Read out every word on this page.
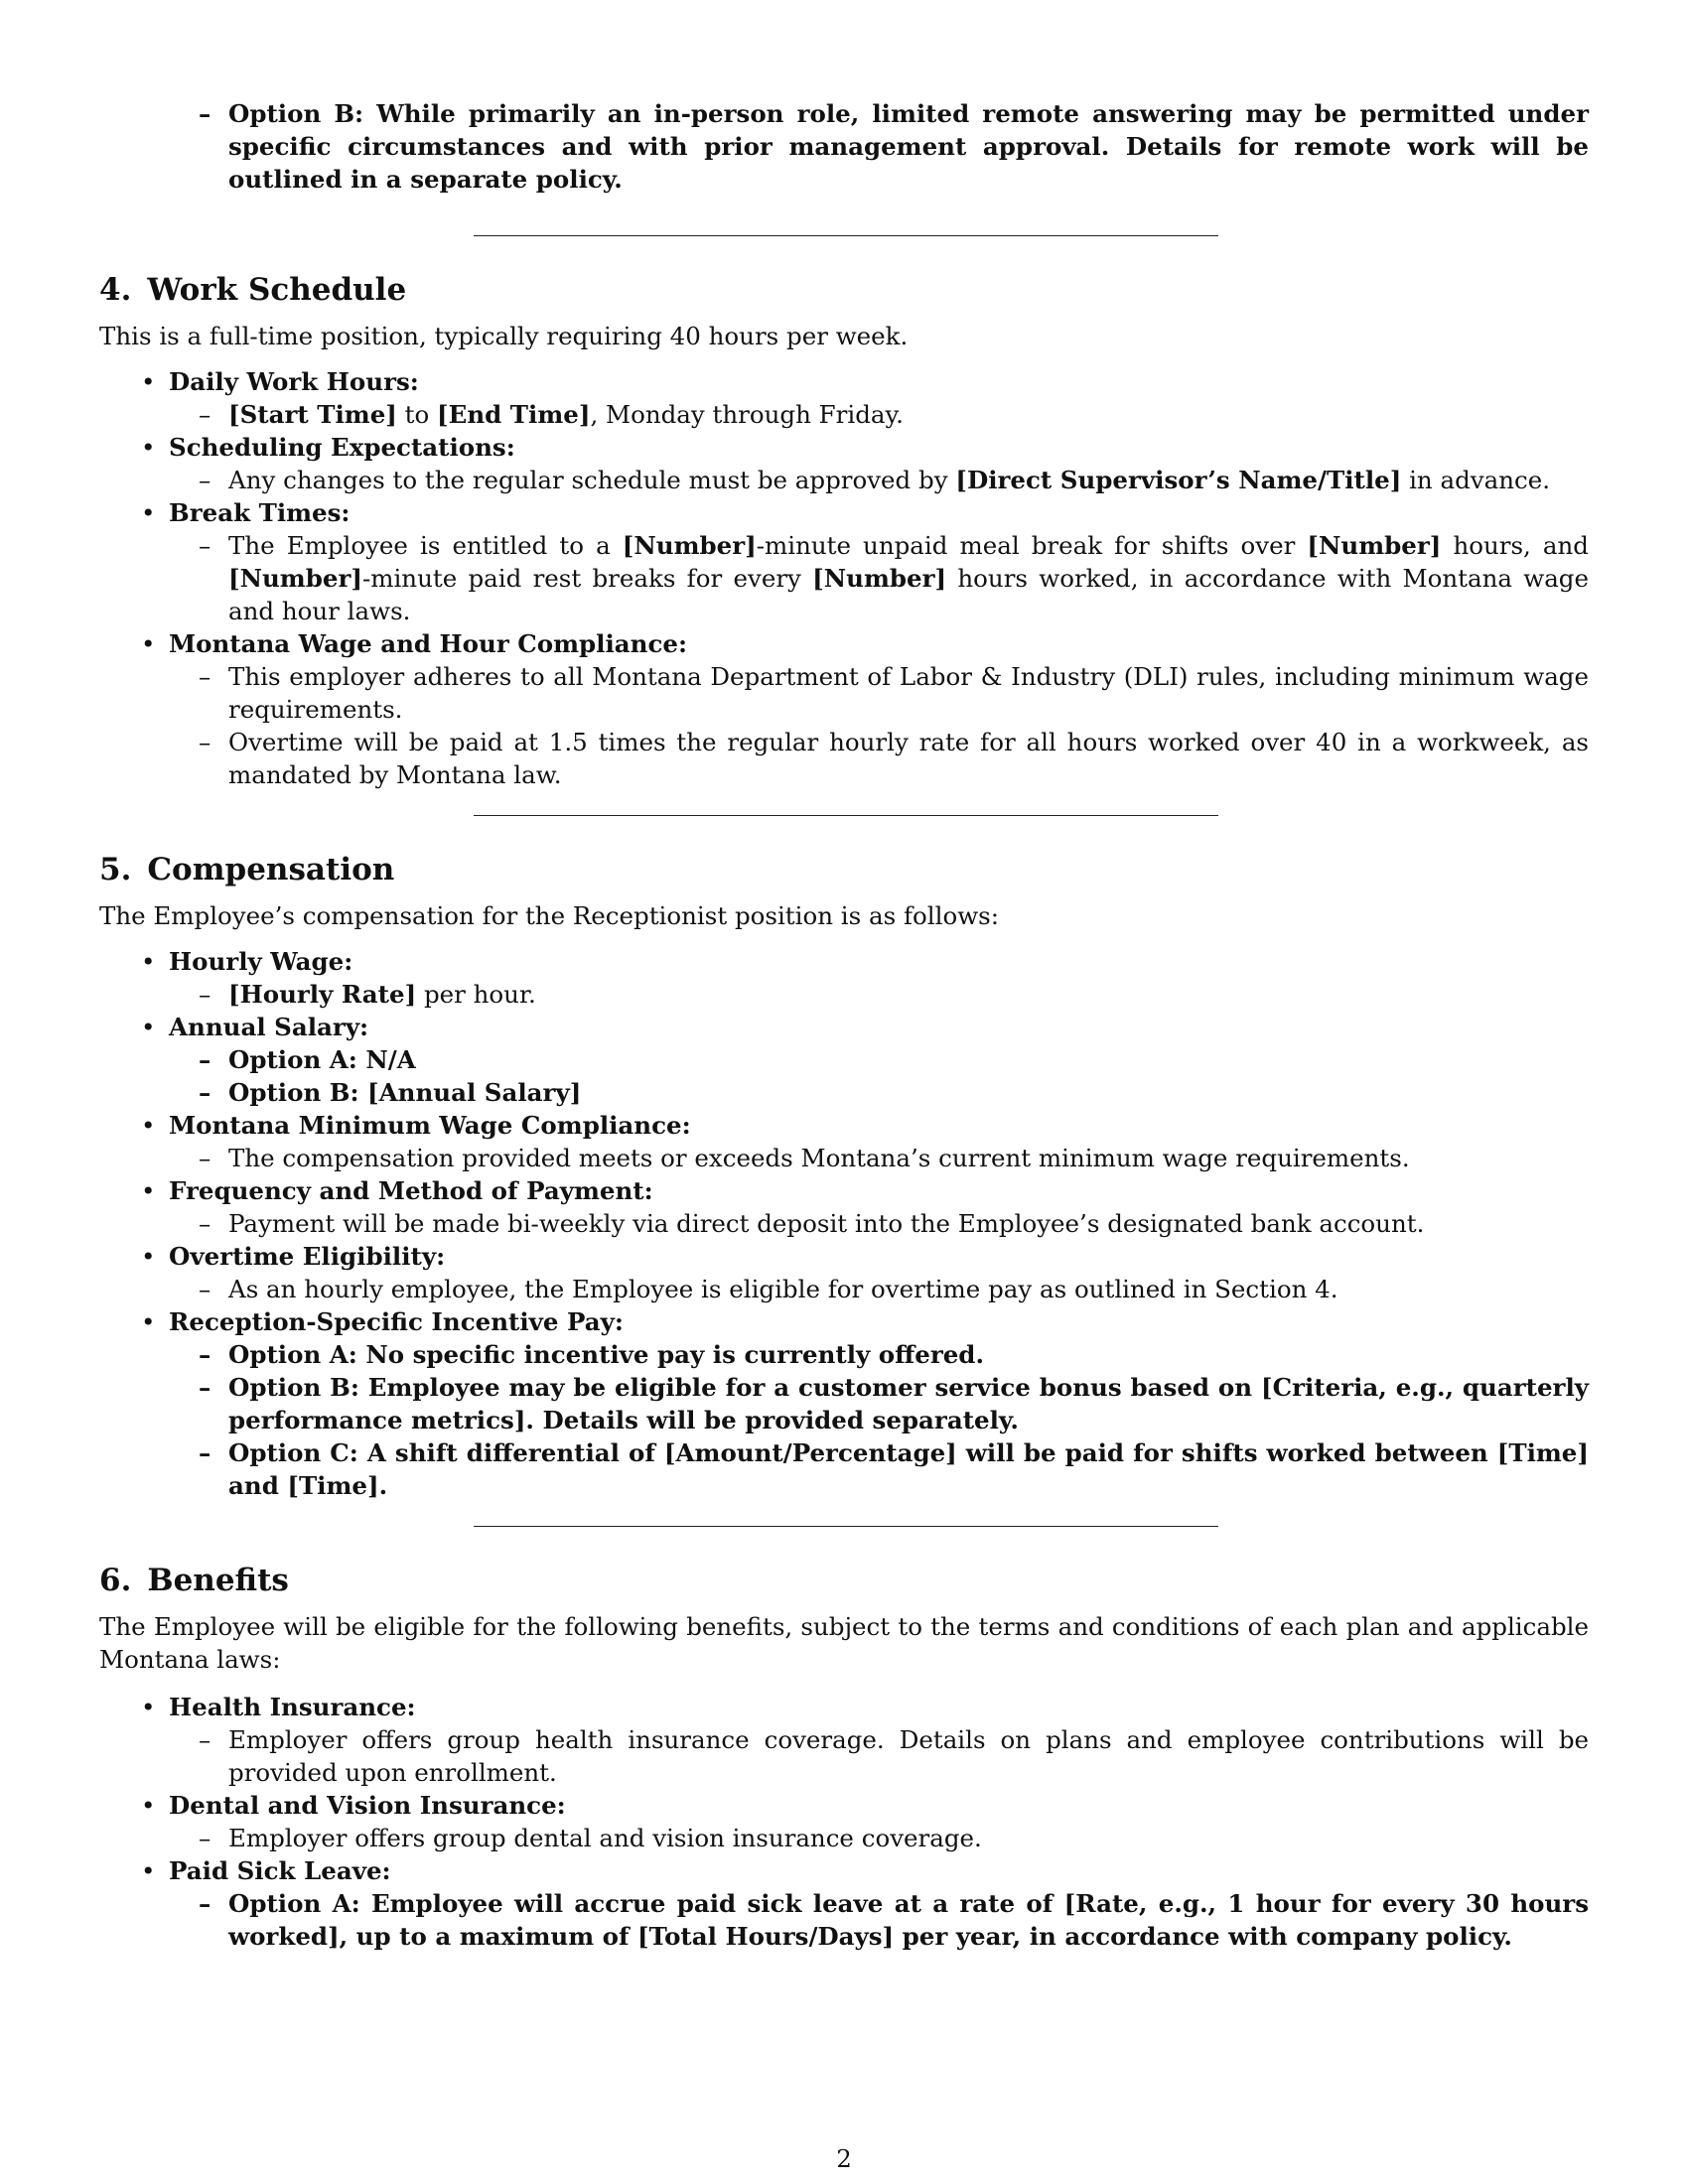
– Option B: While primarily an in-person role, limited remote answering may be permitted under specific circumstances and with prior management approval. Details for remote work will be outlined in a separate policy.
4. Work Schedule

This is a full-time position, typically requiring 40 hours per week.

• Daily Work Hours:
– [Start Time] to [End Time], Monday through Friday.
• Scheduling Expectations:
– Any changes to the regular schedule must be approved by [Direct Supervisor’s Name/Title] in advance.
• Break Times:
– The Employee is entitled to a [Number]-minute unpaid meal break for shifts over [Number] hours, and [Number]-minute paid rest breaks for every [Number] hours worked, in accordance with Montana wage and hour laws.
• Montana Wage and Hour Compliance:
– This employer adheres to all Montana Department of Labor & Industry (DLI) rules, including minimum wage requirements.
– Overtime will be paid at 1.5 times the regular hourly rate for all hours worked over 40 in a workweek, as mandated by Montana law.
5. Compensation

The Employee’s compensation for the Receptionist position is as follows:

• Hourly Wage:
– [Hourly Rate] per hour.
• Annual Salary:
– Option A: N/A
– Option B: [Annual Salary]
• Montana Minimum Wage Compliance:
– The compensation provided meets or exceeds Montana’s current minimum wage requirements.
• Frequency and Method of Payment:
– Payment will be made bi-weekly via direct deposit into the Employee’s designated bank account.
• Overtime Eligibility:
– As an hourly employee, the Employee is eligible for overtime pay as outlined in Section 4.
• Reception-Specific Incentive Pay:
– Option A: No specific incentive pay is currently offered.
– Option B: Employee may be eligible for a customer service bonus based on [Criteria, e.g., quarterly performance metrics]. Details will be provided separately.
– Option C: A shift differential of [Amount/Percentage] will be paid for shifts worked between [Time] and [Time].
6. Benefits

The Employee will be eligible for the following benefits, subject to the terms and conditions of each plan and applicable Montana laws:

• Health Insurance:
– Employer offers group health insurance coverage. Details on plans and employee contributions will be provided upon enrollment.
• Dental and Vision Insurance:
– Employer offers group dental and vision insurance coverage.
• Paid Sick Leave:
– Option A: Employee will accrue paid sick leave at a rate of [Rate, e.g., 1 hour for every 30 hours worked], up to a maximum of [Total Hours/Days] per year, in accordance with company policy.
2
